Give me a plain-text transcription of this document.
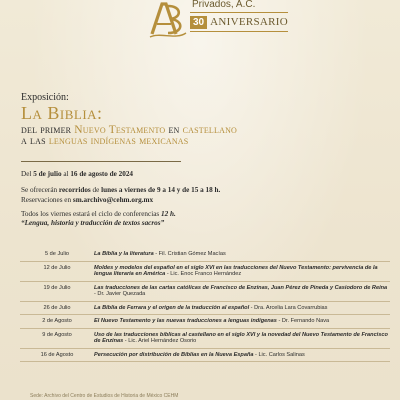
Privados, A.C.
30 ANIVERSARIO
Exposición:
La Biblia:
del primer Nuevo Testamento en castellano
a las lenguas indígenas mexicanas
Del 5 de julio al 16 de agosto de 2024
Se ofrecerán recorridos de lunes a viernes de 9 a 14 y de 15 a 18 h.
Reservaciones en sm.archivo@cehm.org.mx
Todos los viernes estará el ciclo de conferencias 12 h.
“Lengua, historia y traducción de textos sacros”
5 de Julio	La Biblia y la literatura - Fil. Cristian Gómez Macías
12 de Julio	Moldes y modelos del español en el siglo XVI en las traducciones del Nuevo Testamento: pervivencia de la lengua literaria en América - Lic. Enoc Franco Hernández
19 de Julio	Las traducciones de las cartas católicas de Francisco de Enzinas, Juan Pérez de Pineda y Casiodoro de Reina - Dr. Javier Quezada
26 de Julio	La Biblia de Ferrara y el origen de la traducción al español - Dra. Arcelia Lara Covarrubias
2 de Agosto	El Nuevo Testamento y las nuevas traducciones a lenguas indígenas - Dr. Fernando Nava
9 de Agosto	Uso de las traducciones bíblicas al castellano en el siglo XVI y la novedad del Nuevo Testamento de Francisco de Enzinas - Lic. Ariel Hernández Osorio
16 de Agosto	Persecución por distribución de Biblias en la Nueva España - Lic. Carlos Salinas
Sede: Archivo del Centro de Estudios de Historia de México CEHM
